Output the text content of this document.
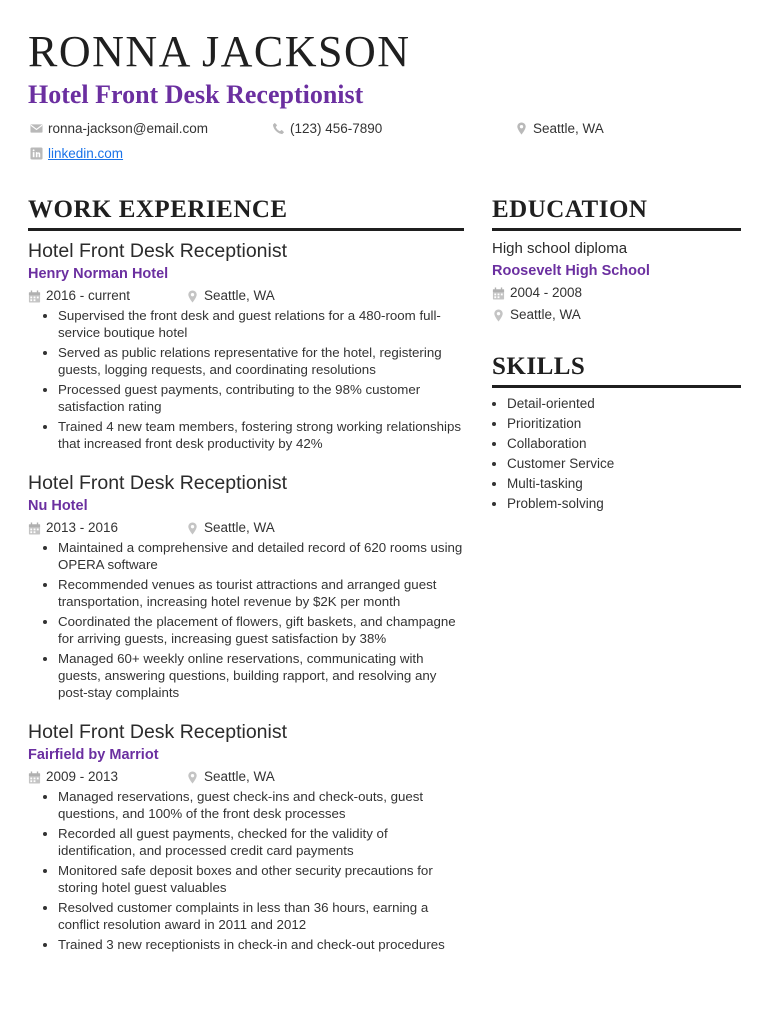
RONNA JACKSON
Hotel Front Desk Receptionist
ronna-jackson@email.com	(123) 456-7890	Seattle, WA
linkedin.com
WORK EXPERIENCE	EDUCATION

Hotel Front Desk Receptionist

Henry Norman Hotel

2016 - current	Seattle, WA
• Supervised the front desk and guest relations for a 480-room full-service boutique hotel
• Served as public relations representative for the hotel, registering guests, logging requests, and coordinating resolutions
• Processed guest payments, contributing to the 98% customer satisfaction rating
• Trained 4 new team members, fostering strong working relationships that increased front desk productivity by 42%

Hotel Front Desk Receptionist

Nu Hotel

2013 - 2016	Seattle, WA
• Maintained a comprehensive and detailed record of 620 rooms using OPERA software
• Recommended venues as tourist attractions and arranged guest transportation, increasing hotel revenue by $2K per month
• Coordinated the placement of flowers, gift baskets, and champagne for arriving guests, increasing guest satisfaction by 38%
• Managed 60+ weekly online reservations, communicating with guests, answering questions, building rapport, and resolving any post-stay complaints

Hotel Front Desk Receptionist

Fairfield by Marriot

2009 - 2013	Seattle, WA
• Managed reservations, guest check-ins and check-outs, guest questions, and 100% of the front desk processes
• Recorded all guest payments, checked for the validity of identification, and processed credit card payments
• Monitored safe deposit boxes and other security precautions for storing hotel guest valuables
• Resolved customer complaints in less than 36 hours, earning a conflict resolution award in 2011 and 2012
• Trained 3 new receptionists in check-in and check-out procedures

High school diploma

Roosevelt High School

2004 - 2008
Seattle, WA
SKILLS
• Detail-oriented
• Prioritization
• Collaboration
• Customer Service
• Multi-tasking
• Problem-solving
